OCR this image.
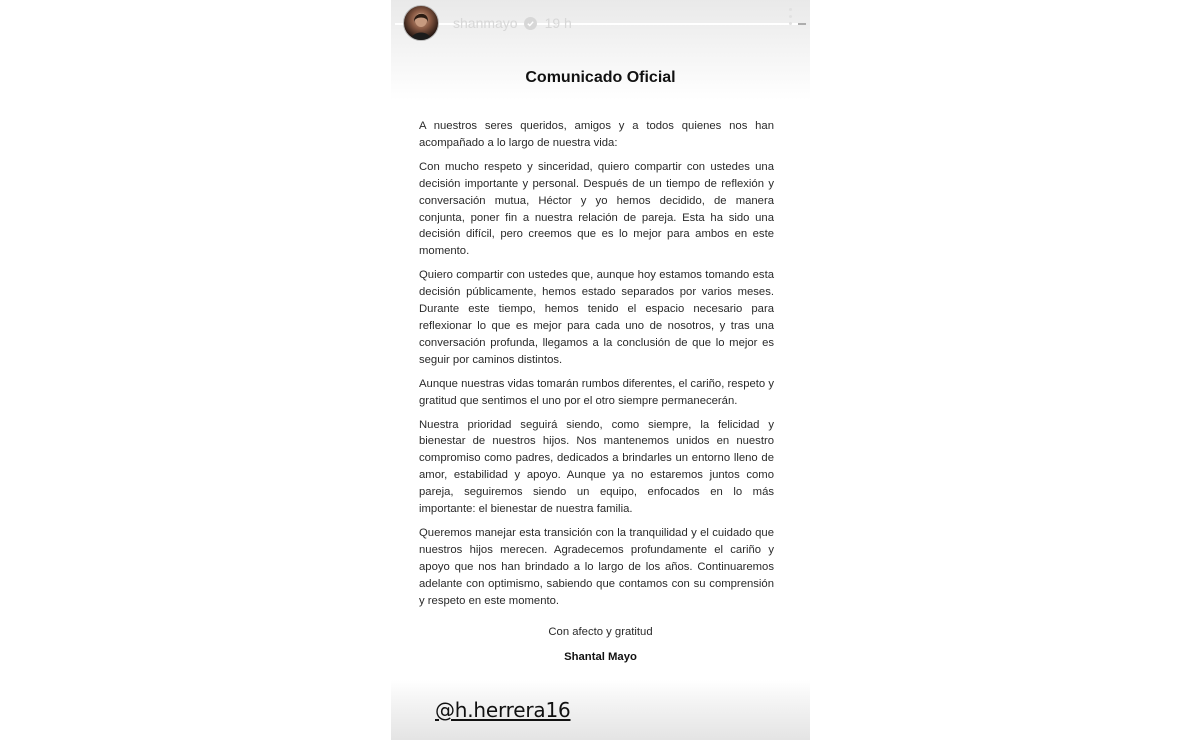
shanmayo 19 h
Comunicado Oficial

A nuestros seres queridos, amigos y a todos quienes nos han acompañado a lo largo de nuestra vida:

Con mucho respeto y sinceridad, quiero compartir con ustedes una decisión importante y personal. Después de un tiempo de reflexión y conversación mutua, Héctor y yo hemos decidido, de manera conjunta, poner fin a nuestra relación de pareja. Esta ha sido una decisión difícil, pero creemos que es lo mejor para ambos en este momento.

Quiero compartir con ustedes que, aunque hoy estamos tomando esta decisión públicamente, hemos estado separados por varios meses. Durante este tiempo, hemos tenido el espacio necesario para reflexionar lo que es mejor para cada uno de nosotros, y tras una conversación profunda, llegamos a la conclusión de que lo mejor es seguir por caminos distintos.

Aunque nuestras vidas tomarán rumbos diferentes, el cariño, respeto y gratitud que sentimos el uno por el otro siempre permanecerán.

Nuestra prioridad seguirá siendo, como siempre, la felicidad y bienestar de nuestros hijos. Nos mantenemos unidos en nuestro compromiso como padres, dedicados a brindarles un entorno lleno de amor, estabilidad y apoyo. Aunque ya no estaremos juntos como pareja, seguiremos siendo un equipo, enfocados en lo más importante: el bienestar de nuestra familia.

Queremos manejar esta transición con la tranquilidad y el cuidado que nuestros hijos merecen. Agradecemos profundamente el cariño y apoyo que nos han brindado a lo largo de los años. Continuaremos adelante con optimismo, sabiendo que contamos con su comprensión y respeto en este momento.

Con afecto y gratitud
Shantal Mayo
@h.herrera16
